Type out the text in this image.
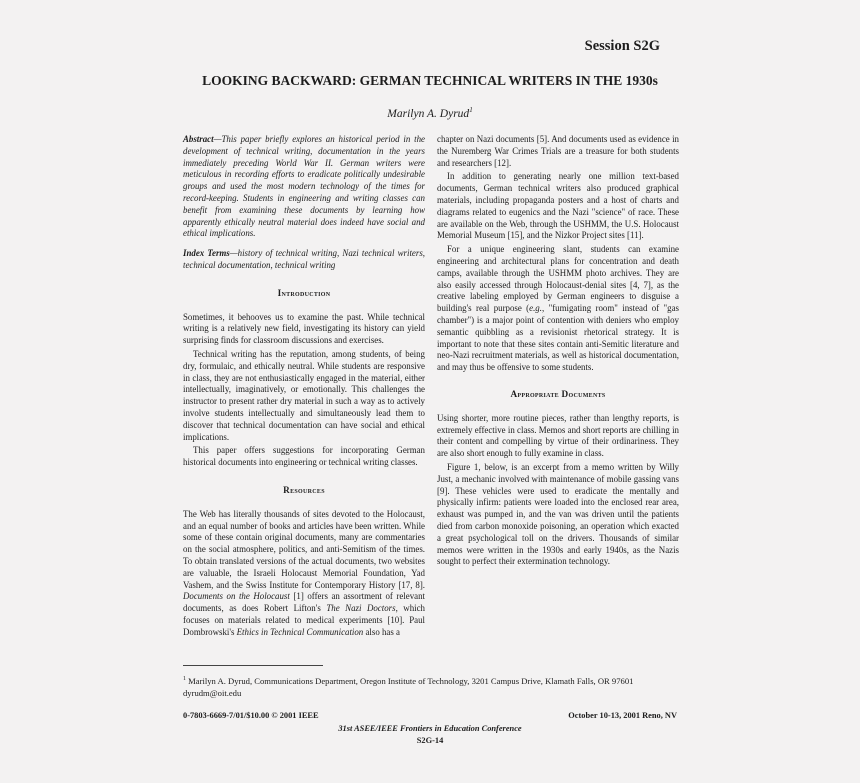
Session S2G
LOOKING BACKWARD: GERMAN TECHNICAL WRITERS IN THE 1930s
Marilyn A. Dyrud$^1$

Abstract—This paper briefly explores an historical period in the development of technical writing, documentation in the years immediately preceding World War II. German writers were meticulous in recording efforts to eradicate politically undesirable groups and used the most modern technology of the times for record-keeping. Students in engineering and writing classes can benefit from examining these documents by learning how apparently ethically neutral material does indeed have social and ethical implications.

Index Terms—history of technical writing, Nazi technical writers, technical documentation, technical writing

Introduction

Sometimes, it behooves us to examine the past. While technical writing is a relatively new field, investigating its history can yield surprising finds for classroom discussions and exercises.

Technical writing has the reputation, among students, of being dry, formulaic, and ethically neutral. While students are responsive in class, they are not enthusiastically engaged in the material, either intellectually, imaginatively, or emotionally. This challenges the instructor to present rather dry material in such a way as to actively involve students intellectually and simultaneously lead them to discover that technical documentation can have social and ethical implications.

This paper offers suggestions for incorporating German historical documents into engineering or technical writing classes.

Resources

The Web has literally thousands of sites devoted to the Holocaust, and an equal number of books and articles have been written. While some of these contain original documents, many are commentaries on the social atmosphere, politics, and anti-Semitism of the times. To obtain translated versions of the actual documents, two websites are valuable, the Israeli Holocaust Memorial Foundation, Yad Vashem, and the Swiss Institute for Contemporary History [17, 8]. Documents on the Holocaust [1] offers an assortment of relevant documents, as does Robert Lifton's The Nazi Doctors, which focuses on materials related to medical experiments [10]. Paul Dombrowski's Ethics in Technical Communication also has a

chapter on Nazi documents [5]. And documents used as evidence in the Nuremberg War Crimes Trials are a treasure for both students and researchers [12].

In addition to generating nearly one million text-based documents, German technical writers also produced graphical materials, including propaganda posters and a host of charts and diagrams related to eugenics and the Nazi "science" of race. These are available on the Web, through the USHMM, the U.S. Holocaust Memorial Museum [15], and the Nizkor Project sites [11].

For a unique engineering slant, students can examine engineering and architectural plans for concentration and death camps, available through the USHMM photo archives. They are also easily accessed through Holocaust-denial sites [4, 7], as the creative labeling employed by German engineers to disguise a building's real purpose (e.g., "fumigating room" instead of "gas chamber") is a major point of contention with deniers who employ semantic quibbling as a revisionist rhetorical strategy. It is important to note that these sites contain anti-Semitic literature and neo-Nazi recruitment materials, as well as historical documentation, and may thus be offensive to some students.

Appropriate Documents

Using shorter, more routine pieces, rather than lengthy reports, is extremely effective in class. Memos and short reports are chilling in their content and compelling by virtue of their ordinariness. They are also short enough to fully examine in class.

Figure 1, below, is an excerpt from a memo written by Willy Just, a mechanic involved with maintenance of mobile gassing vans [9]. These vehicles were used to eradicate the mentally and physically infirm: patients were loaded into the enclosed rear area, exhaust was pumped in, and the van was driven until the patients died from carbon monoxide poisoning, an operation which exacted a great psychological toll on the drivers. Thousands of similar memos were written in the 1930s and early 1940s, as the Nazis sought to perfect their extermination technology.

$^1$ Marilyn A. Dyrud, Communications Department, Oregon Institute of Technology, 3201 Campus Drive, Klamath Falls, OR 97601 dyrudm@oit.edu
0-7803-6669-7/01/$10.00 © 2001 IEEE	October 10-13, 2001 Reno, NV
31st ASEE/IEEE Frontiers in Education Conference
S2G-14
